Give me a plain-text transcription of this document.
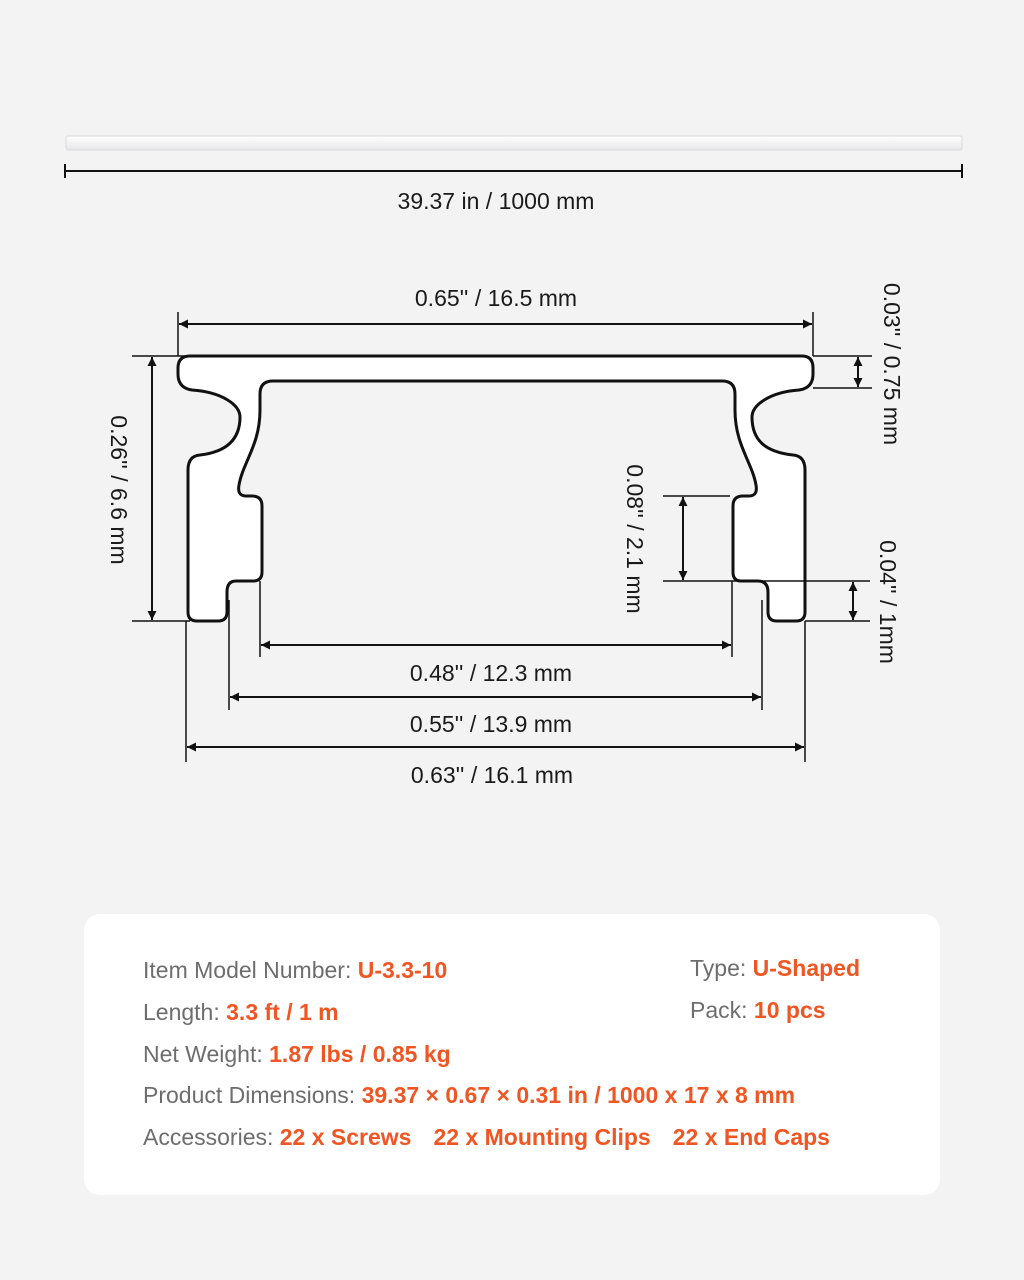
39.37 in / 1000 mm
0.65'' / 16.5 mm
0.26'' / 6.6 mm
0.03'' / 0.75 mm
0.08'' / 2.1 mm	0.04'' / 1mm
0.48'' / 12.3 mm
0.55'' / 13.9 mm
0.63'' / 16.1 mm
Item Model Number: U-3.3-10	Type: U-Shaped
Length: 3.3 ft / 1 m	Pack: 10 pcs
Net Weight: 1.87 lbs / 0.85 kg
Product Dimensions: 39.37 × 0.67 × 0.31 in / 1000 x 17 x 8 mm
Accessories: 22 x Screws 22 x Mounting Clips 22 x End Caps
